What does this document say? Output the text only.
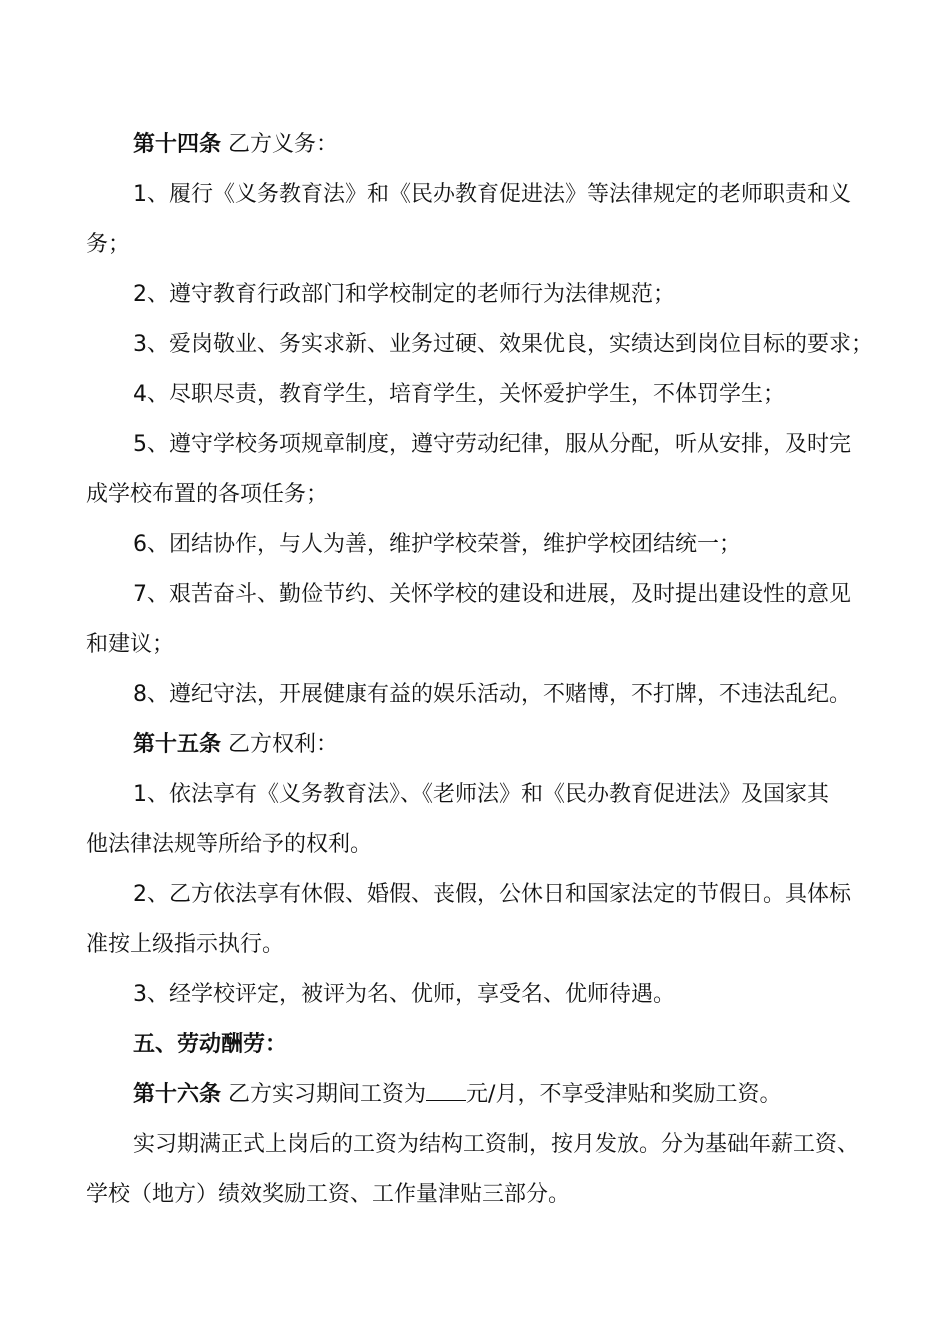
第十四条 乙方义务：
1、履行《义务教育法》和《民办教育促进法》等法律规定的老师职责和义
务；
2、遵守教育行政部门和学校制定的老师行为法律规范；
3、爱岗敬业、务实求新、业务过硬、效果优良，实绩达到岗位目标的要求；
4、尽职尽责，教育学生，培育学生，关怀爱护学生，不体罚学生；
5、遵守学校务项规章制度，遵守劳动纪律，服从分配，听从安排，及时完
成学校布置的各项任务；
6、团结协作，与人为善，维护学校荣誉，维护学校团结统一；
7、艰苦奋斗、勤俭节约、关怀学校的建设和进展，及时提出建设性的意见
和建议；
8、遵纪守法，开展健康有益的娱乐活动，不赌博，不打牌，不违法乱纪。
第十五条 乙方权利：
1、依法享有《义务教育法》、《老师法》和《民办教育促进法》及国家其
他法律法规等所给予的权利。
2、乙方依法享有休假、婚假、丧假，公休日和国家法定的节假日。具体标
准按上级指示执行。
3、经学校评定，被评为名、优师，享受名、优师待遇。
五、劳动酬劳：
第十六条 乙方实习期间工资为 元/月，不享受津贴和奖励工资。
实习期满正式上岗后的工资为结构工资制，按月发放。分为基础年薪工资、
学校（地方）绩效奖励工资、工作量津贴三部分。
